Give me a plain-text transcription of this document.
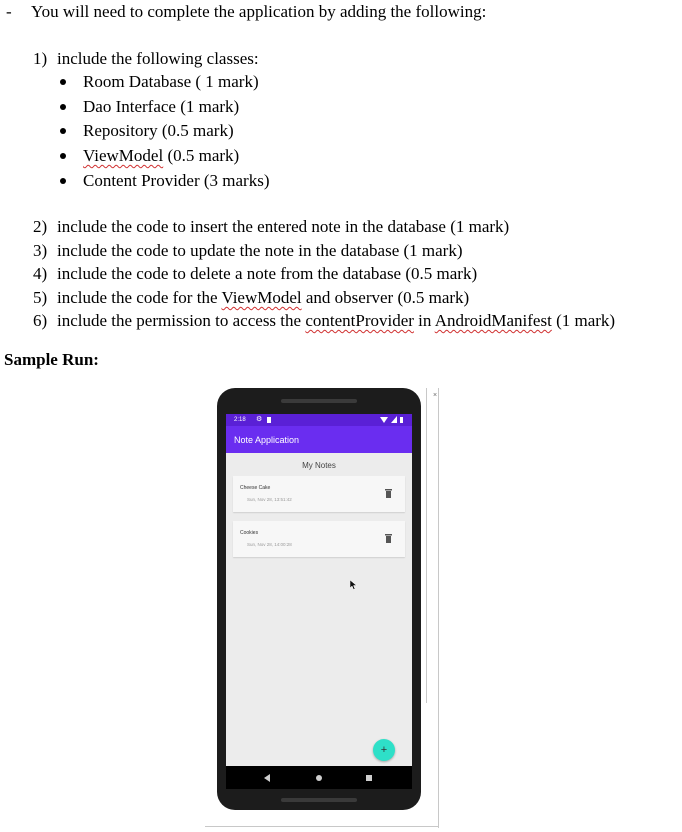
- You will need to complete the application by adding the following:
1) include the following classes:
Room Database ( 1 mark)
Dao Interface (1 mark)
Repository (0.5 mark)
ViewModel (0.5 mark)
Content Provider (3 marks)
2) include the code to insert the entered note in the database (1 mark)
3) include the code to update the note in the database (1 mark)
4) include the code to delete a note from the database (0.5 mark)
5) include the code for the ViewModel and observer (0.5 mark)
6) include the permission to access the contentProvider in AndroidManifest (1 mark)
Sample Run:
×
2:18 ⚙
Note Application
My Notes
Cheese Cake
Sun, Nov 28, 13:51:42
Cookies
Sun, Nov 28, 14:00:28
+
